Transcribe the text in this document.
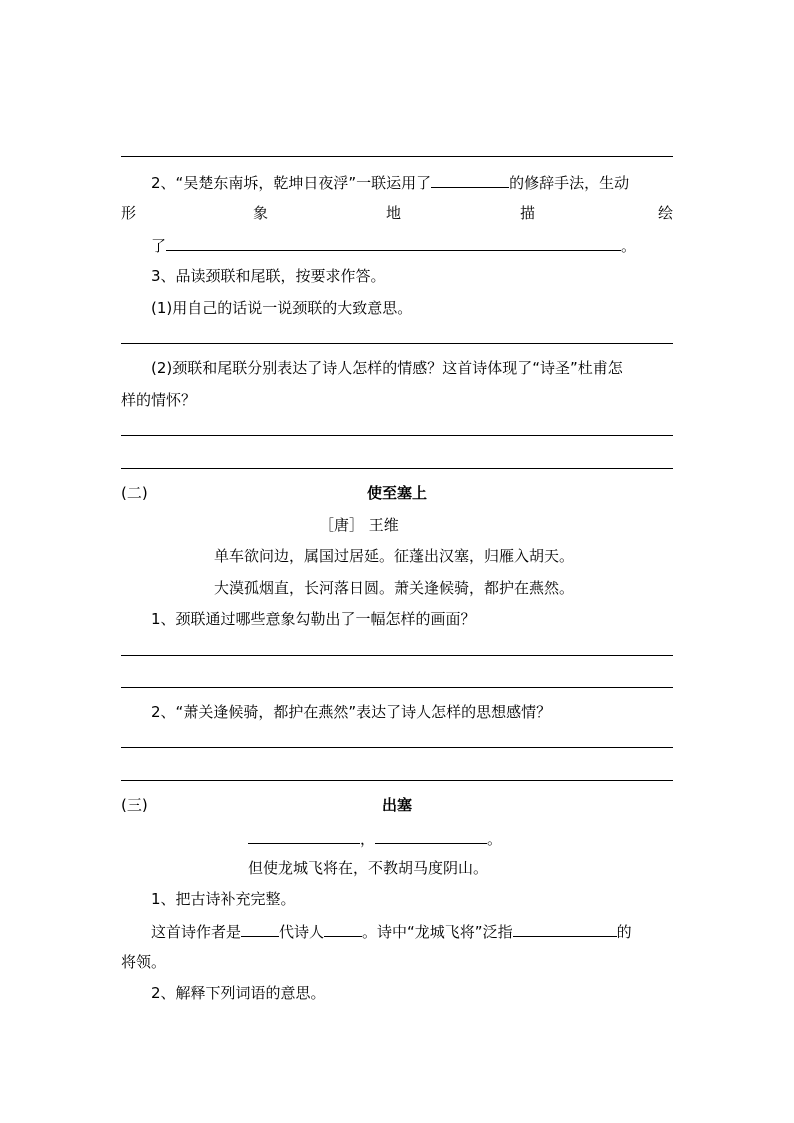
2、“吴楚东南坼，乾坤日夜浮”一联运用了	的修辞手法，生动
形	象	地	描	绘
了	。
3、品读颈联和尾联，按要求作答。
(1)用自己的话说一说颈联的大致意思。
(2)颈联和尾联分别表达了诗人怎样的情感？这首诗体现了“诗圣”杜甫怎
样的情怀？
(二)	使至塞上
［唐］ 王维
单车欲问边，属国过居延。征蓬出汉塞，归雁入胡天。
大漠孤烟直，长河落日圆。萧关逢候骑，都护在燕然。
1、颈联通过哪些意象勾勒出了一幅怎样的画面？
2、“萧关逢候骑，都护在燕然”表达了诗人怎样的思想感情？
(三)	出塞
，	。
但使龙城飞将在，不教胡马度阴山。
1、把古诗补充完整。
这首诗作者是	代诗人	。诗中“龙城飞将”泛指	的
将领。
2、解释下列词语的意思。
